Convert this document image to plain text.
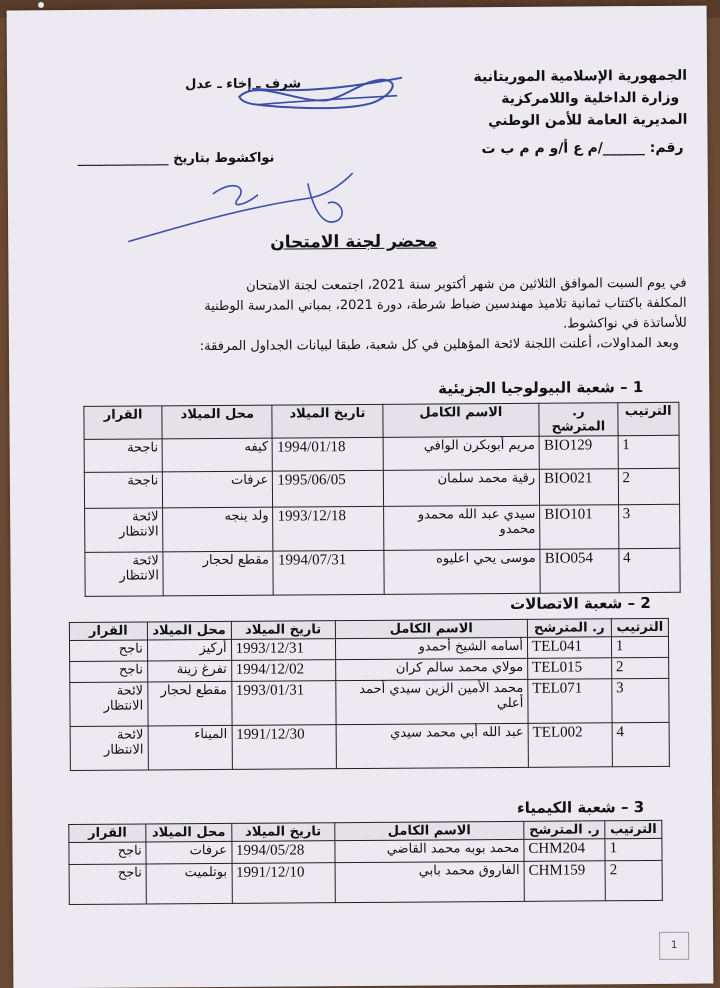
الجمهورية الإسلامية الموريتانية
وزارة الداخلية واللامركزية
المديرية العامة للأمن الوطني
رقم: ______/م ع أ/و م م ب ت
شرف ـ إخاء ـ عدل
نواكشوط بتاريخ ______________
محضر لجنة الامتحان
في يوم السبت الموافق الثلاثين من شهر أكتوبر سنة 2021، اجتمعت لجنة الامتحان
المكلفة باكتتاب ثمانية تلاميذ مهندسين ضباط شرطة، دورة 2021، بمباني المدرسة الوطنية
للأساتذة في نواكشوط.
وبعد المداولات، أعلنت اللجنة لائحة المؤهلين في كل شعبة، طبقا لبيانات الجداول المرفقة:
1 – شعبة البيولوجيا الجزيئية
الترتيب	ر. المترشح	الاسم الكامل	تاريخ الميلاد	محل الميلاد	القرار
1	BIO129	مريم أبوبكرن الوافي	1994/01/18	كيفه	ناجحة
2	BIO021	رقية محمد سلمان	1995/06/05	عرفات	ناجحة
3	BIO101	سيدي عبد الله محمدو محمدو	1993/12/18	ولد ينجه	لائحة الانتظار
4	BIO054	موسى يحي اعليوه	1994/07/31	مقطع لحجار	لائحة الانتظار
2 – شعبة الاتصالات
الترتيب	ر. المترشح	الاسم الكامل	تاريخ الميلاد	محل الميلاد	القرار
1	TEL041	أسامه الشيخ أحمدو	1993/12/31	أركيز	ناجح
2	TEL015	مولاي محمد سالم كران	1994/12/02	تفرغ زينة	ناجح
3	TEL071	محمد الأمين الزين سيدي أحمد أعلي	1993/01/31	مقطع لحجار	لائحة الانتظار
4	TEL002	عبد الله أبي محمد سيدي	1991/12/30	الميناء	لائحة الانتظار
3 – شعبة الكيمياء
الترتيب	ر. المترشح	الاسم الكامل	تاريخ الميلاد	محل الميلاد	القرار
1	CHM204	محمد بوبه محمد القاضي	1994/05/28	عرفات	ناجح
2	CHM159	الفاروق محمد بابي	1991/12/10	بوتلميت	ناجح
1
